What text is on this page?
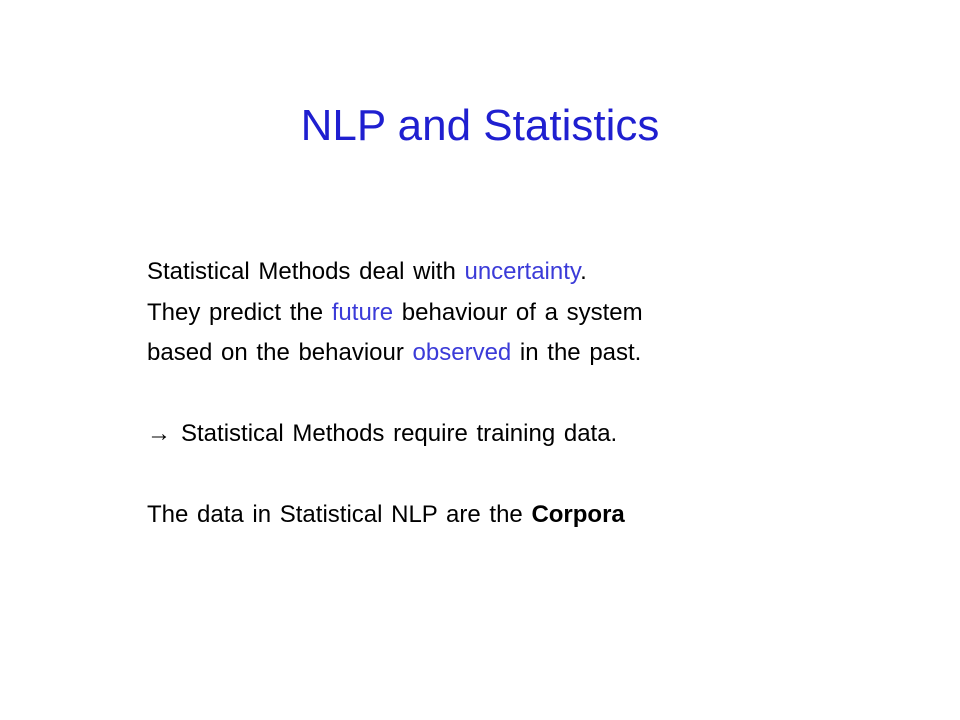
NLP and Statistics
Statistical Methods deal with uncertainty.
They predict the future behaviour of a system
based on the behaviour observed in the past.
→ Statistical Methods require training data.
The data in Statistical NLP are the Corpora
